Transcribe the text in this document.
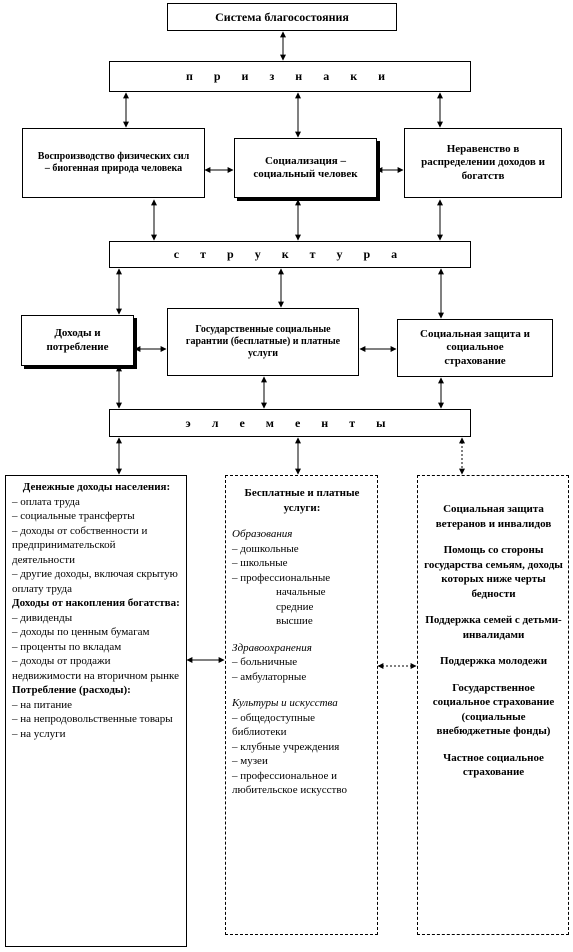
Система благосостояния
п р и з н а к и
Воспроизводство физических сил – биогенная природа человека
Социализация – социальный человек
Неравенство в распределении доходов и богатств
с т р у к т у р а
Доходы и потребление
Государственные социальные гарантии (бесплатные) и платные услуги
Социальная защита и социальное страхование
э л е м е н т ы
Денежные доходы населения:
– оплата труда
– социальные трансферты
– доходы от собственности и предпринимательской деятельности
– другие доходы, включая скрытую оплату труда
Доходы от накопления богатства:
– дивиденды
– доходы по ценным бумагам
– проценты по вкладам
– доходы от продажи недвижимости на вторичном рынке
Потребление (расходы):
– на питание
– на непродовольственные товары
– на услуги
Бесплатные и платные услуги:
Образования
– дошкольные
– школьные
– профессиональные
начальные
средние
высшие
Здравоохранения
– больничные
– амбулаторные
Культуры и искусства
– общедоступные библиотеки
– клубные учреждения
– музеи
– профессиональное и любительское искусство
Социальная защита ветеранов и инвалидов
Помощь со стороны государства семьям, доходы которых ниже черты бедности
Поддержка семей с детьми-инвалидами
Поддержка молодежи
Государственное социальное страхование (социальные внебюджетные фонды)
Частное социальное страхование
